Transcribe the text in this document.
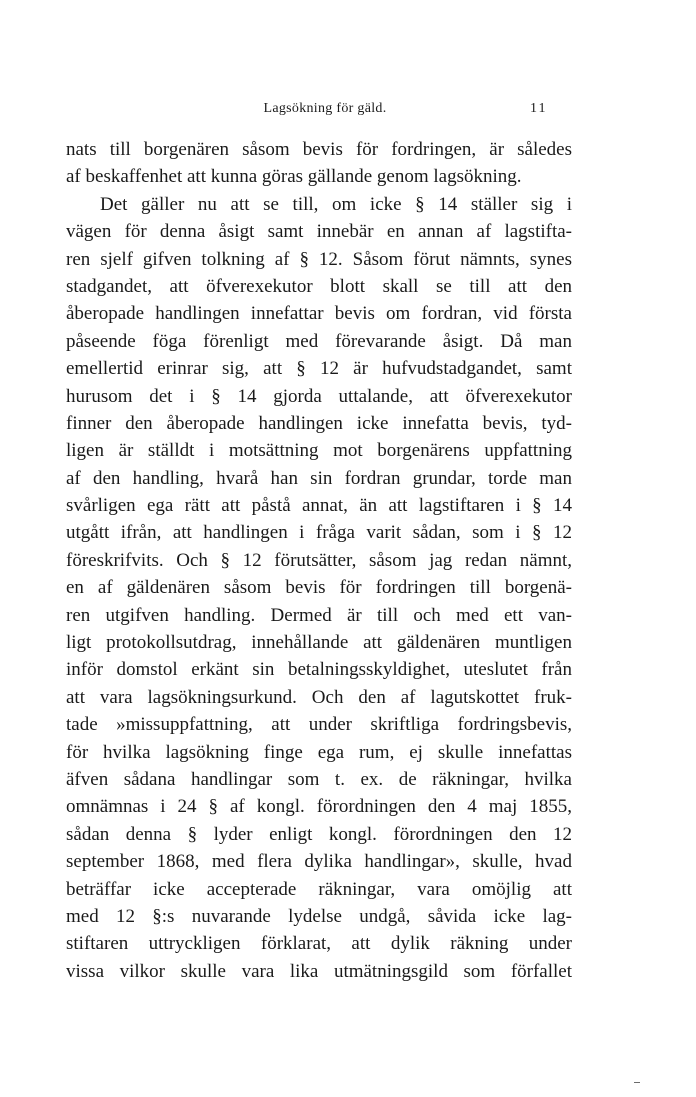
Lagsökning för gäld.	11
nats till borgenären såsom bevis för fordringen, är således
af beskaffenhet att kunna göras gällande genom lagsökning.
Det gäller nu att se till, om icke § 14 ställer sig i
vägen för denna åsigt samt innebär en annan af lagstifta-
ren sjelf gifven tolkning af § 12. Såsom förut nämnts, synes
stadgandet, att öfverexekutor blott skall se till att den
åberopade handlingen innefattar bevis om fordran, vid första
påseende föga förenligt med förevarande åsigt. Då man
emellertid erinrar sig, att § 12 är hufvudstadgandet, samt
hurusom det i § 14 gjorda uttalande, att öfverexekutor
finner den åberopade handlingen icke innefatta bevis, tyd-
ligen är ställdt i motsättning mot borgenärens uppfattning
af den handling, hvarå han sin fordran grundar, torde man
svårligen ega rätt att påstå annat, än att lagstiftaren i § 14
utgått ifrån, att handlingen i fråga varit sådan, som i § 12
föreskrifvits. Och § 12 förutsätter, såsom jag redan nämnt,
en af gäldenären såsom bevis för fordringen till borgenä-
ren utgifven handling. Dermed är till och med ett van-
ligt protokollsutdrag, innehållande att gäldenären muntligen
inför domstol erkänt sin betalningsskyldighet, uteslutet från
att vara lagsökningsurkund. Och den af lagutskottet fruk-
tade »missuppfattning, att under skriftliga fordringsbevis,
för hvilka lagsökning finge ega rum, ej skulle innefattas
äfven sådana handlingar som t. ex. de räkningar, hvilka
omnämnas i 24 § af kongl. förordningen den 4 maj 1855,
sådan denna § lyder enligt kongl. förordningen den 12
september 1868, med flera dylika handlingar», skulle, hvad
beträffar icke accepterade räkningar, vara omöjlig att
med 12 §:s nuvarande lydelse undgå, såvida icke lag-
stiftaren uttryckligen förklarat, att dylik räkning under
vissa vilkor skulle vara lika utmätningsgild som förfallet
